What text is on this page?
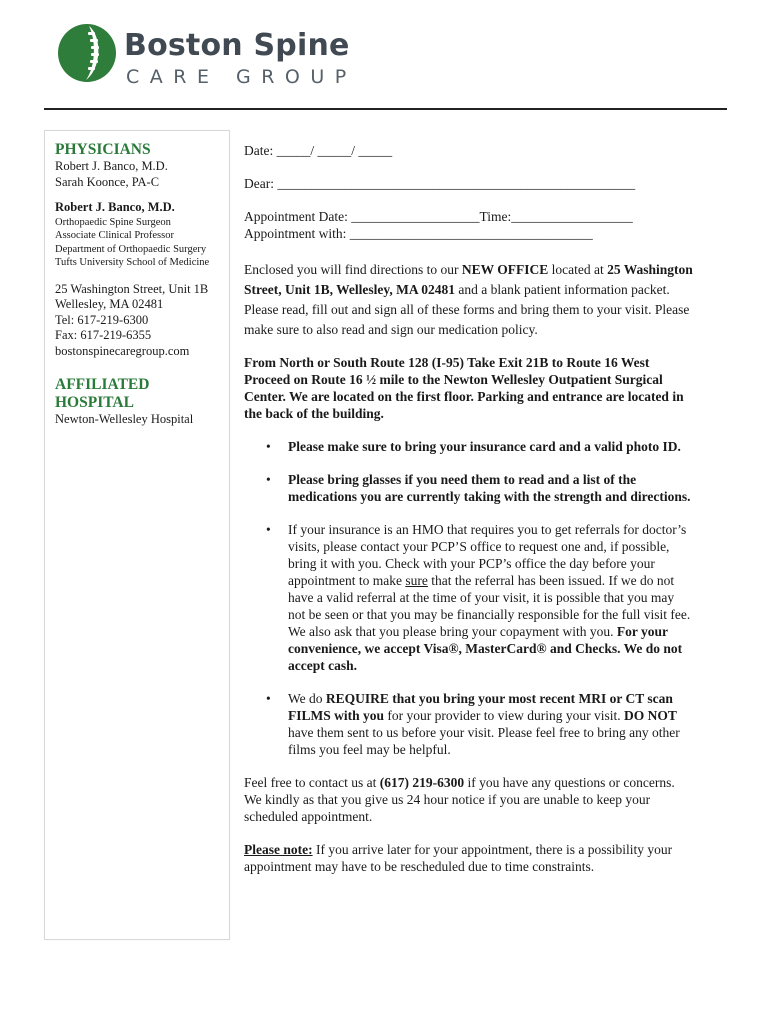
Boston Spine
CARE GROUP

PHYSICIANS

Robert J. Banco, M.D.

Sarah Koonce, PA-C

Robert J. Banco, M.D.

Orthopaedic Spine Surgeon

Associate Clinical Professor

Department of Orthopaedic Surgery

Tufts University School of Medicine

25 Washington Street, Unit 1B

Wellesley, MA 02481

Tel: 617-219-6300

Fax: 617-219-6355

bostonspinecaregroup.com

AFFILIATED

HOSPITAL

Newton-Wellesley Hospital

Date: _____/ _____/ _____

Dear: _____________________________________________________

Appointment Date: ___________________Time:__________________

Appointment with: ____________________________________

Enclosed you will find directions to our NEW OFFICE located at 25 Washington Street, Unit 1B, Wellesley, MA 02481 and a blank patient information packet. Please read, fill out and sign all of these forms and bring them to your visit. Please make sure to also read and sign our medication policy.

From North or South Route 128 (I-95) Take Exit 21B to Route 16 West Proceed on Route 16 ½ mile to the Newton Wellesley Outpatient Surgical Center. We are located on the first floor. Parking and entrance are located in the back of the building.

• Please make sure to bring your insurance card and a valid photo ID.
• Please bring glasses if you need them to read and a list of the medications you are currently taking with the strength and directions.
• If your insurance is an HMO that requires you to get referrals for doctor’s visits, please contact your PCP’S office to request one and, if possible, bring it with you. Check with your PCP’s office the day before your appointment to make sure that the referral has been issued. If we do not have a valid referral at the time of your visit, it is possible that you may not be seen or that you may be financially responsible for the full visit fee. We also ask that you please bring your copayment with you. For your convenience, we accept Visa®, MasterCard® and Checks. We do not accept cash.
• We do REQUIRE that you bring your most recent MRI or CT scan FILMS with you for your provider to view during your visit. DO NOT have them sent to us before your visit. Please feel free to bring any other films you feel may be helpful.

Feel free to contact us at (617) 219-6300 if you have any questions or concerns. We kindly as that you give us 24 hour notice if you are unable to keep your scheduled appointment.

Please note: If you arrive later for your appointment, there is a possibility your appointment may have to be rescheduled due to time constraints.
